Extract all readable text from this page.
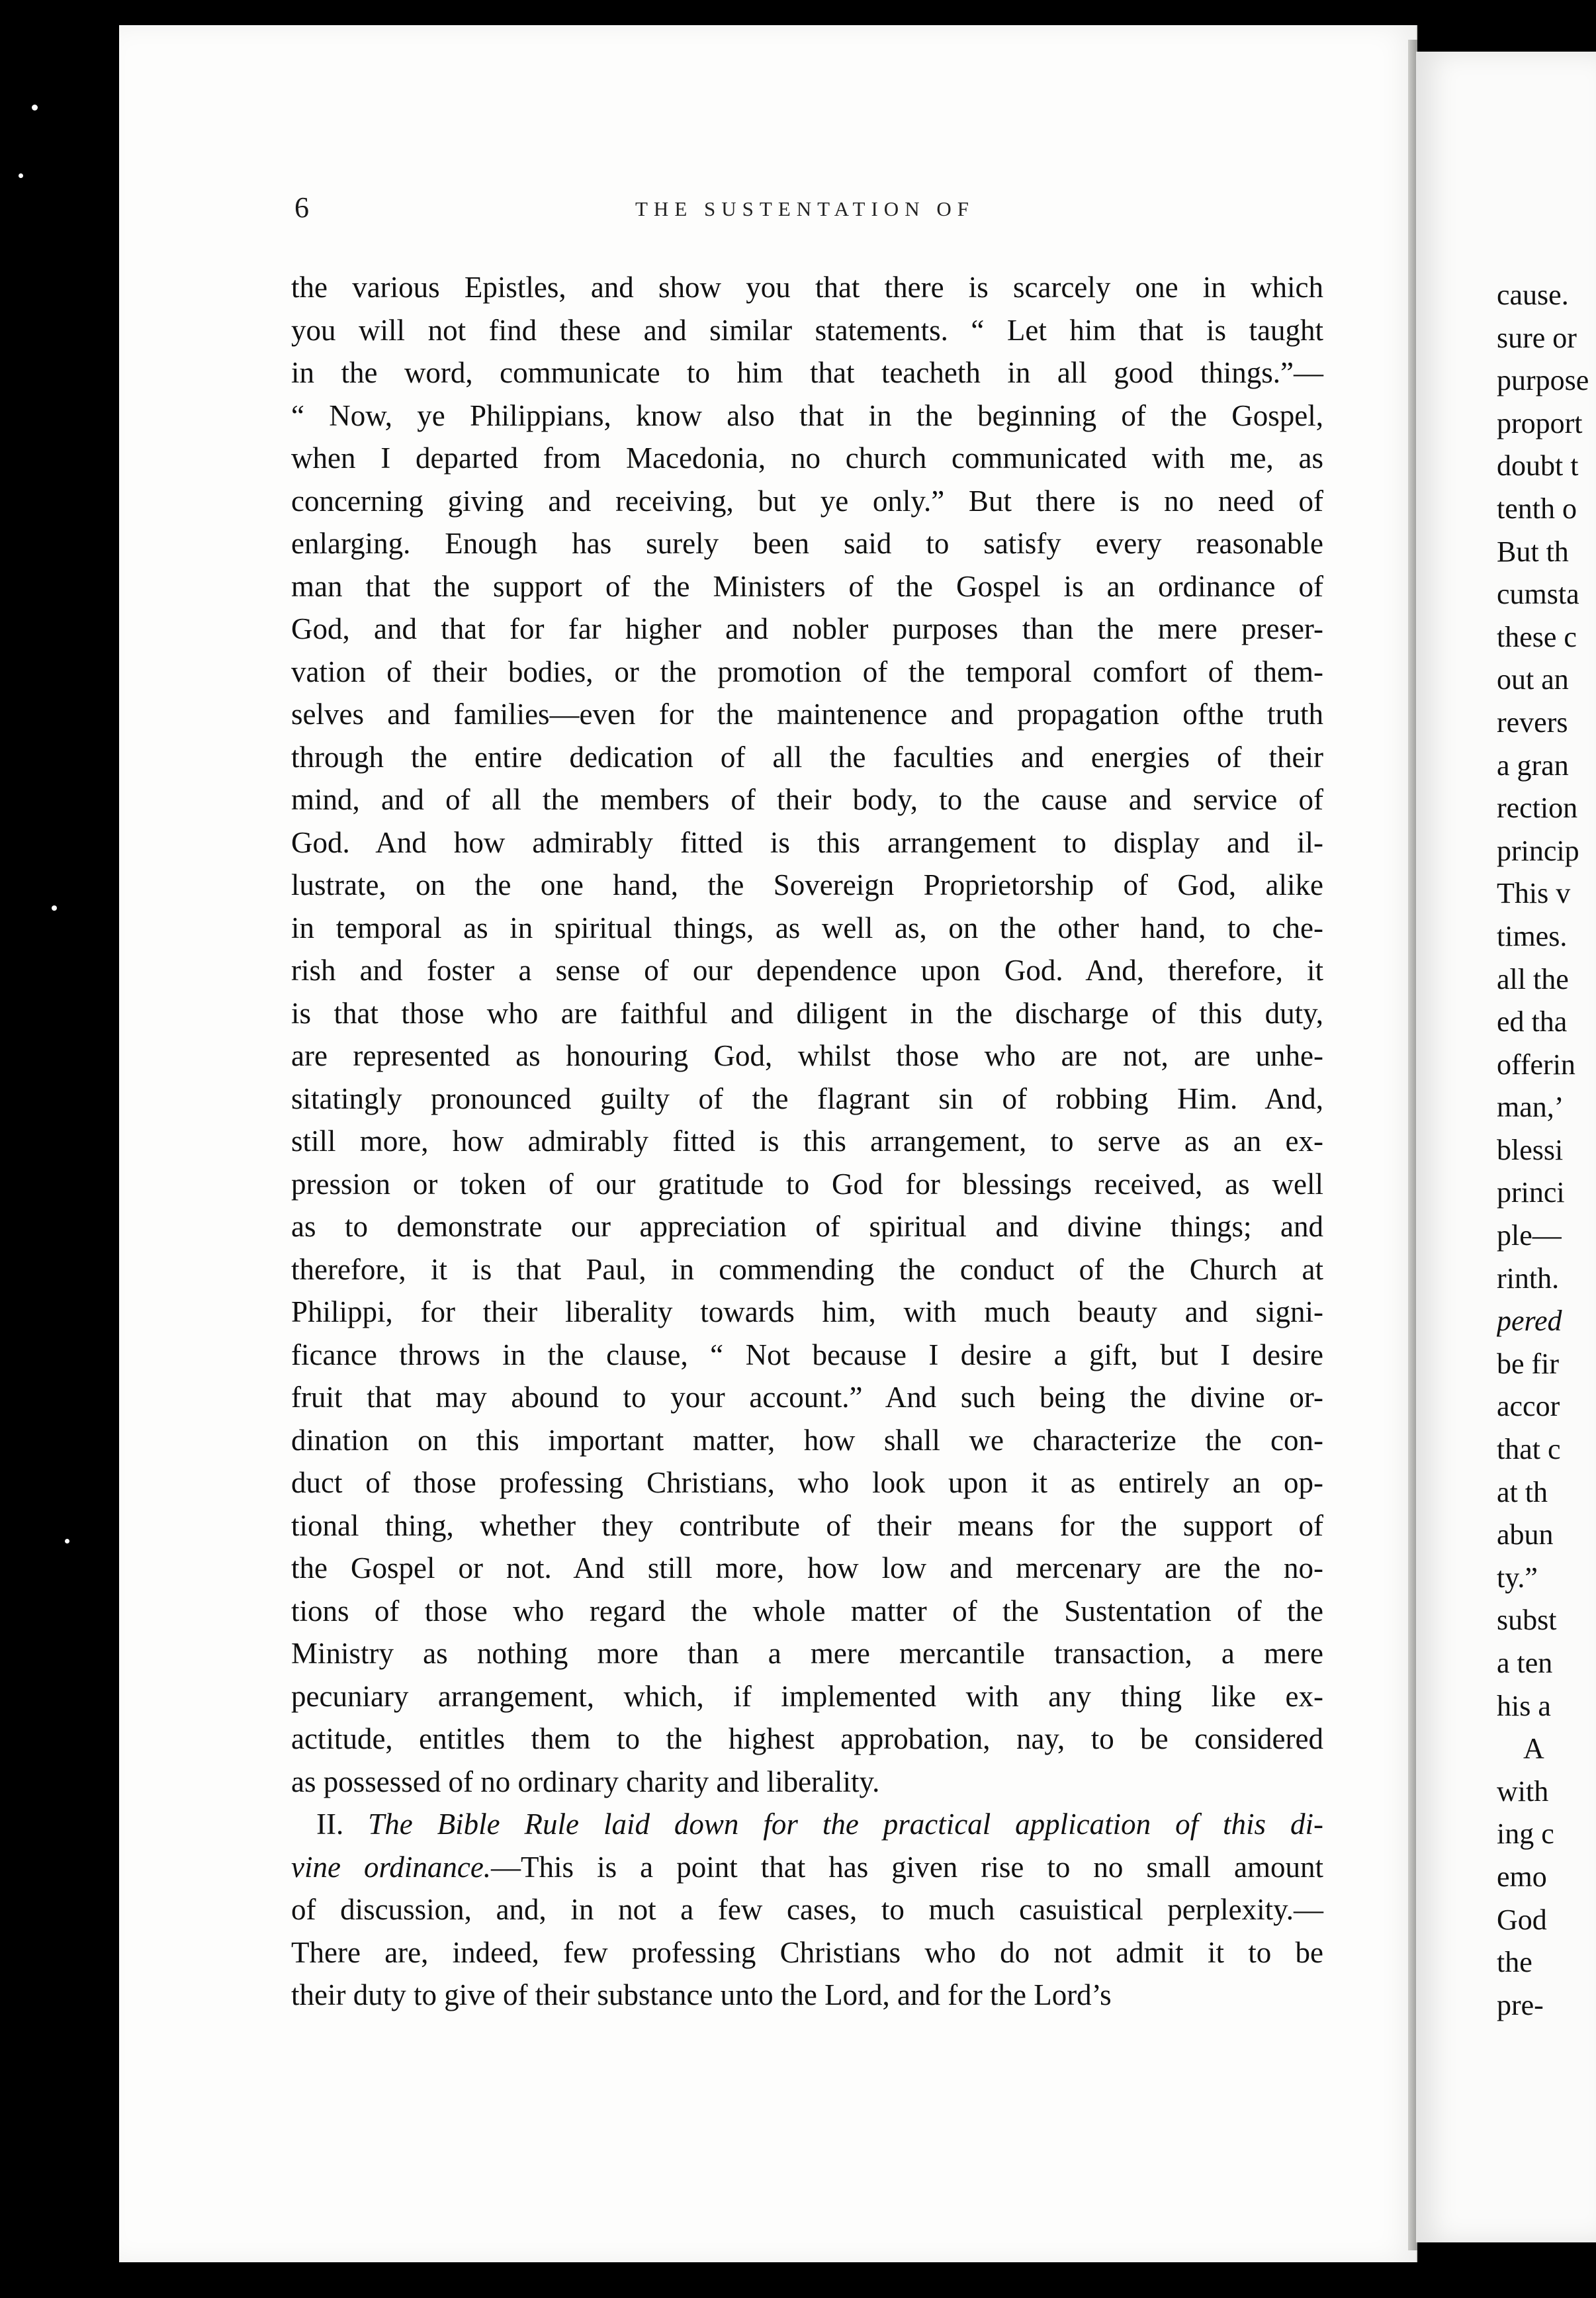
6	THE SUSTENTATION OF
the various Epistles, and show you that there is scarcely one in which
you will not find these and similar statements. “ Let him that is taught
in the word, communicate to him that teacheth in all good things.”—
“ Now, ye Philippians, know also that in the beginning of the Gospel,
when I departed from Macedonia, no church communicated with me, as
concerning giving and receiving, but ye only.” But there is no need of
enlarging. Enough has surely been said to satisfy every reasonable
man that the support of the Ministers of the Gospel is an ordinance of
God, and that for far higher and nobler purposes than the mere preser-
vation of their bodies, or the promotion of the temporal comfort of them-
selves and families—even for the maintenence and propagation ofthe truth
through the entire dedication of all the faculties and energies of their
mind, and of all the members of their body, to the cause and service of
God. And how admirably fitted is this arrangement to display and il-
lustrate, on the one hand, the Sovereign Proprietorship of God, alike
in temporal as in spiritual things, as well as, on the other hand, to che-
rish and foster a sense of our dependence upon God. And, therefore, it
is that those who are faithful and diligent in the discharge of this duty,
are represented as honouring God, whilst those who are not, are unhe-
sitatingly pronounced guilty of the flagrant sin of robbing Him. And,
still more, how admirably fitted is this arrangement, to serve as an ex-
pression or token of our gratitude to God for blessings received, as well
as to demonstrate our appreciation of spiritual and divine things; and
therefore, it is that Paul, in commending the conduct of the Church at
Philippi, for their liberality towards him, with much beauty and signi-
ficance throws in the clause, “ Not because I desire a gift, but I desire
fruit that may abound to your account.” And such being the divine or-
dination on this important matter, how shall we characterize the con-
duct of those professing Christians, who look upon it as entirely an op-
tional thing, whether they contribute of their means for the support of
the Gospel or not. And still more, how low and mercenary are the no-
tions of those who regard the whole matter of the Sustentation of the
Ministry as nothing more than a mere mercantile transaction, a mere
pecuniary arrangement, which, if implemented with any thing like ex-
actitude, entitles them to the highest approbation, nay, to be considered
as possessed of no ordinary charity and liberality.
II. The Bible Rule laid down for the practical application of this di-
vine ordinance.—This is a point that has given rise to no small amount
of discussion, and, in not a few cases, to much casuistical perplexity.—
There are, indeed, few professing Christians who do not admit it to be
their duty to give of their substance unto the Lord, and for the Lord’s
cause.
sure or
purpose
proport
doubt t
tenth o
But th
cumsta
these c
out an
revers
a gran
rection
princip
This v
times.
all the
ed tha
offerin
man,’
blessi
princi
ple—
rinth.
pered
be fir
accor
that c
at th
abun
ty.”
subst
a ten
his a
A
with
ing c
emo
God
the
pre-
